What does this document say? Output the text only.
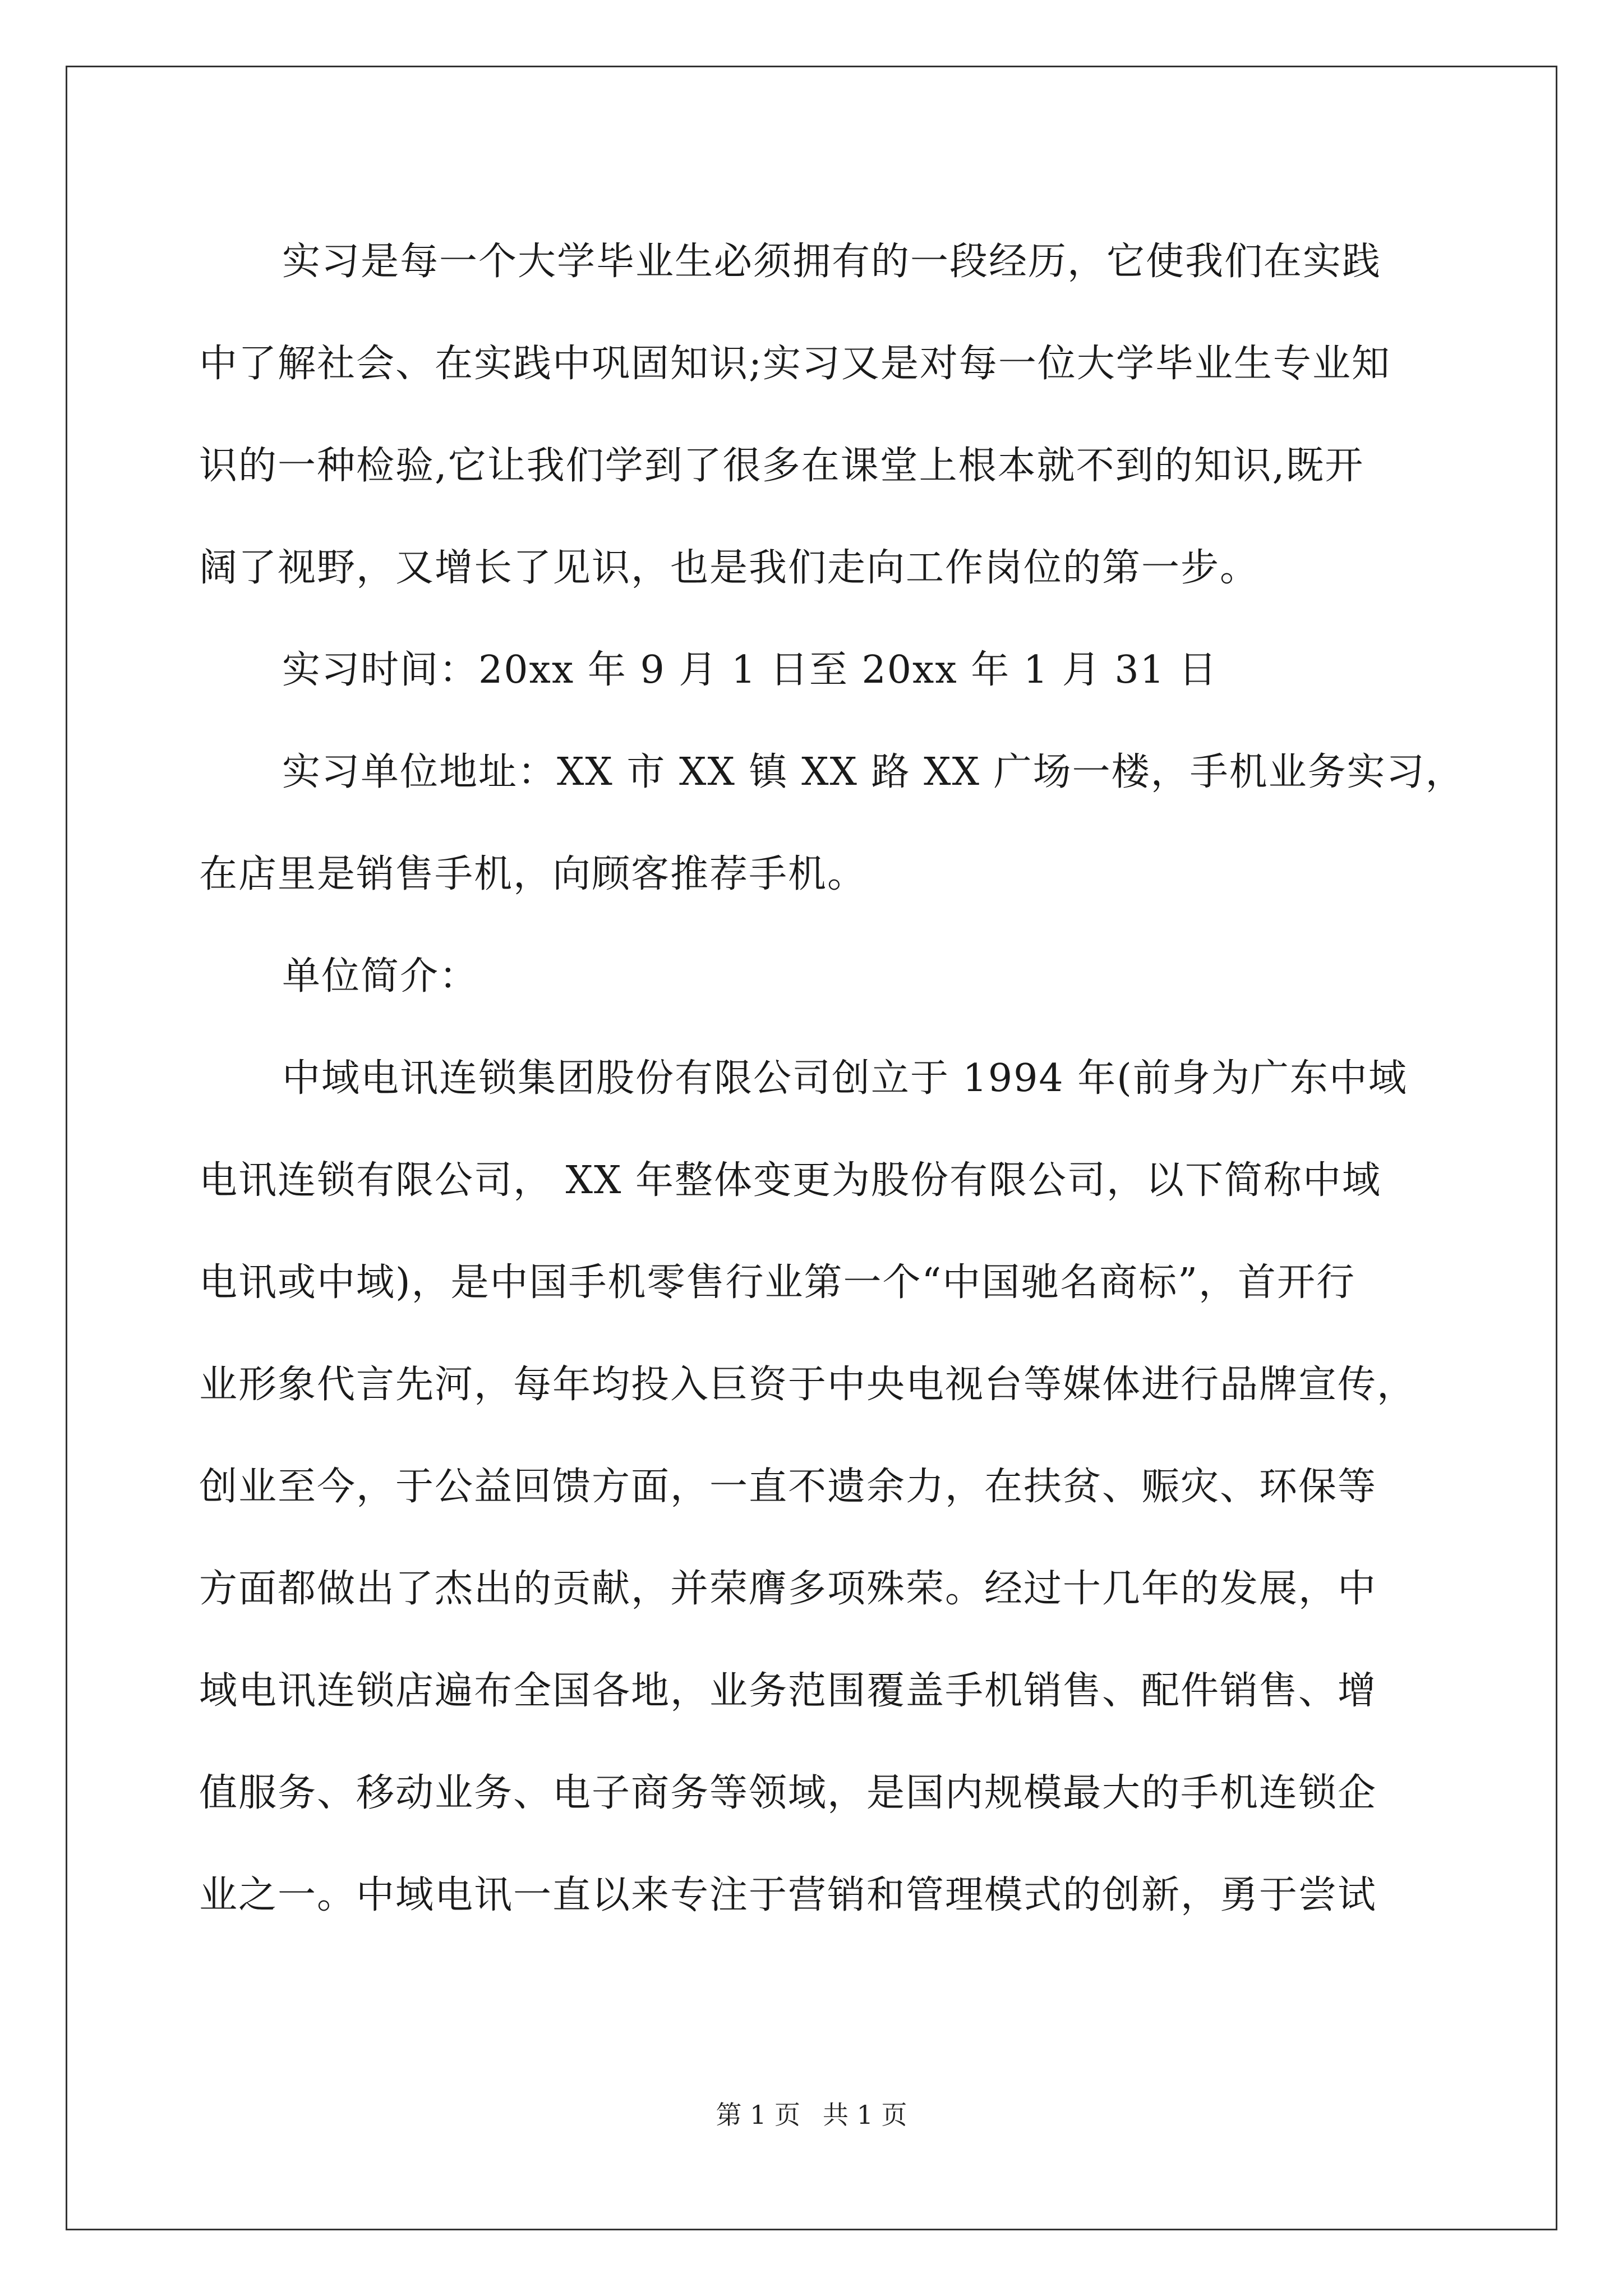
实习是每一个大学毕业生必须拥有的一段经历，它使我们在实践
中了解社会、在实践中巩固知识;实习又是对每一位大学毕业生专业知
识的一种检验,它让我们学到了很多在课堂上根本就不到的知识,既开
阔了视野，又增长了见识，也是我们走向工作岗位的第一步。
实习时间：20xx 年 9 月 1 日至 20xx 年 1 月 31 日
实习单位地址：XX 市 XX 镇 XX 路 XX 广场一楼，手机业务实习，
在店里是销售手机，向顾客推荐手机。
单位简介：
中域电讯连锁集团股份有限公司创立于 1994 年(前身为广东中域
电讯连锁有限公司， XX 年整体变更为股份有限公司，以下简称中域
电讯或中域)，是中国手机零售行业第一个“中国驰名商标”，首开行
业形象代言先河，每年均投入巨资于中央电视台等媒体进行品牌宣传，
创业至今，于公益回馈方面，一直不遗余力，在扶贫、赈灾、环保等
方面都做出了杰出的贡献，并荣膺多项殊荣。经过十几年的发展，中
域电讯连锁店遍布全国各地，业务范围覆盖手机销售、配件销售、增
值服务、移动业务、电子商务等领域，是国内规模最大的手机连锁企
业之一。中域电讯一直以来专注于营销和管理模式的创新，勇于尝试
第 1 页 共 1 页
